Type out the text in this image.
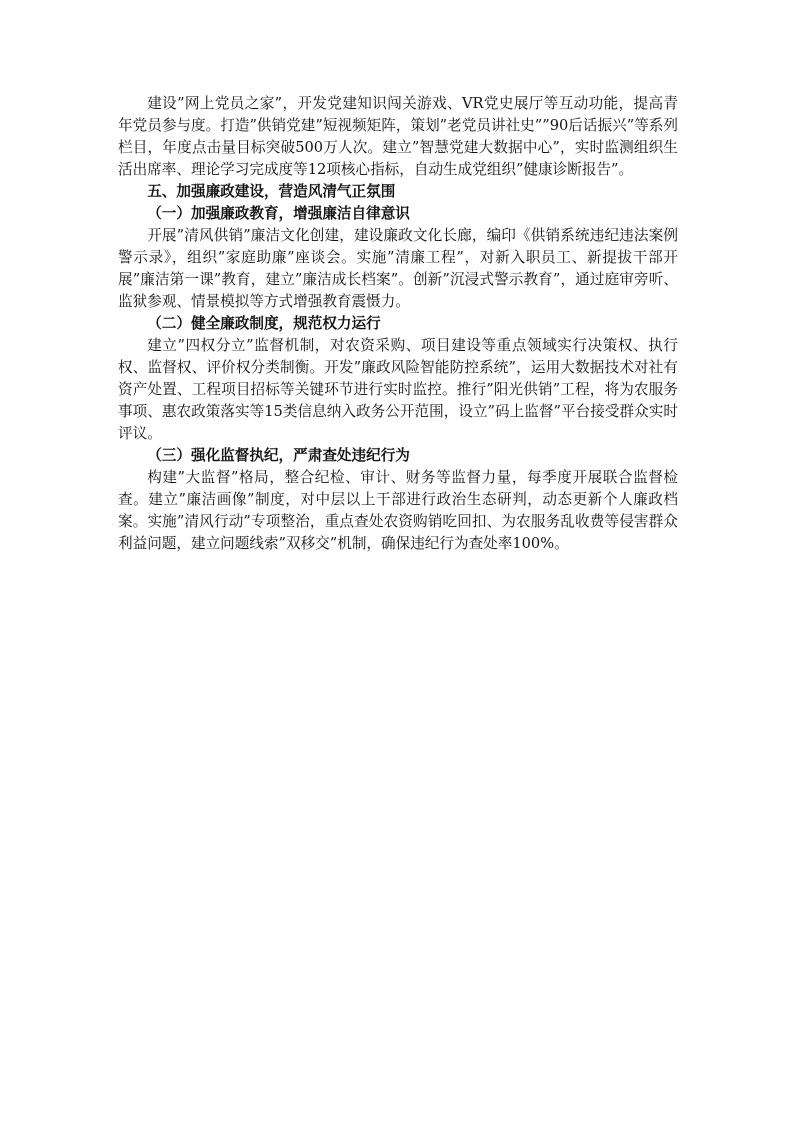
建设”网上党员之家”，开发党建知识闯关游戏、VR党史展厅等互动功能，提高青年党员参与度。打造”供销党建”短视频矩阵，策划”老党员讲社史””90后话振兴”等系列栏目，年度点击量目标突破500万人次。建立”智慧党建大数据中心”，实时监测组织生活出席率、理论学习完成度等12项核心指标，自动生成党组织”健康诊断报告”。

五、加强廉政建设，营造风清气正氛围

（一）加强廉政教育，增强廉洁自律意识

开展”清风供销”廉洁文化创建，建设廉政文化长廊，编印《供销系统违纪违法案例警示录》，组织”家庭助廉”座谈会。实施”清廉工程”，对新入职员工、新提拔干部开展”廉洁第一课”教育，建立”廉洁成长档案”。创新”沉浸式警示教育”，通过庭审旁听、监狱参观、情景模拟等方式增强教育震慑力。

（二）健全廉政制度，规范权力运行

建立”四权分立”监督机制，对农资采购、项目建设等重点领域实行决策权、执行权、监督权、评价权分类制衡。开发”廉政风险智能防控系统”，运用大数据技术对社有资产处置、工程项目招标等关键环节进行实时监控。推行”阳光供销”工程，将为农服务事项、惠农政策落实等15类信息纳入政务公开范围，设立”码上监督”平台接受群众实时评议。

（三）强化监督执纪，严肃查处违纪行为

构建”大监督”格局，整合纪检、审计、财务等监督力量，每季度开展联合监督检查。建立”廉洁画像”制度，对中层以上干部进行政治生态研判，动态更新个人廉政档案。实施”清风行动”专项整治，重点查处农资购销吃回扣、为农服务乱收费等侵害群众利益问题，建立问题线索”双移交”机制，确保违纪行为查处率100%。
